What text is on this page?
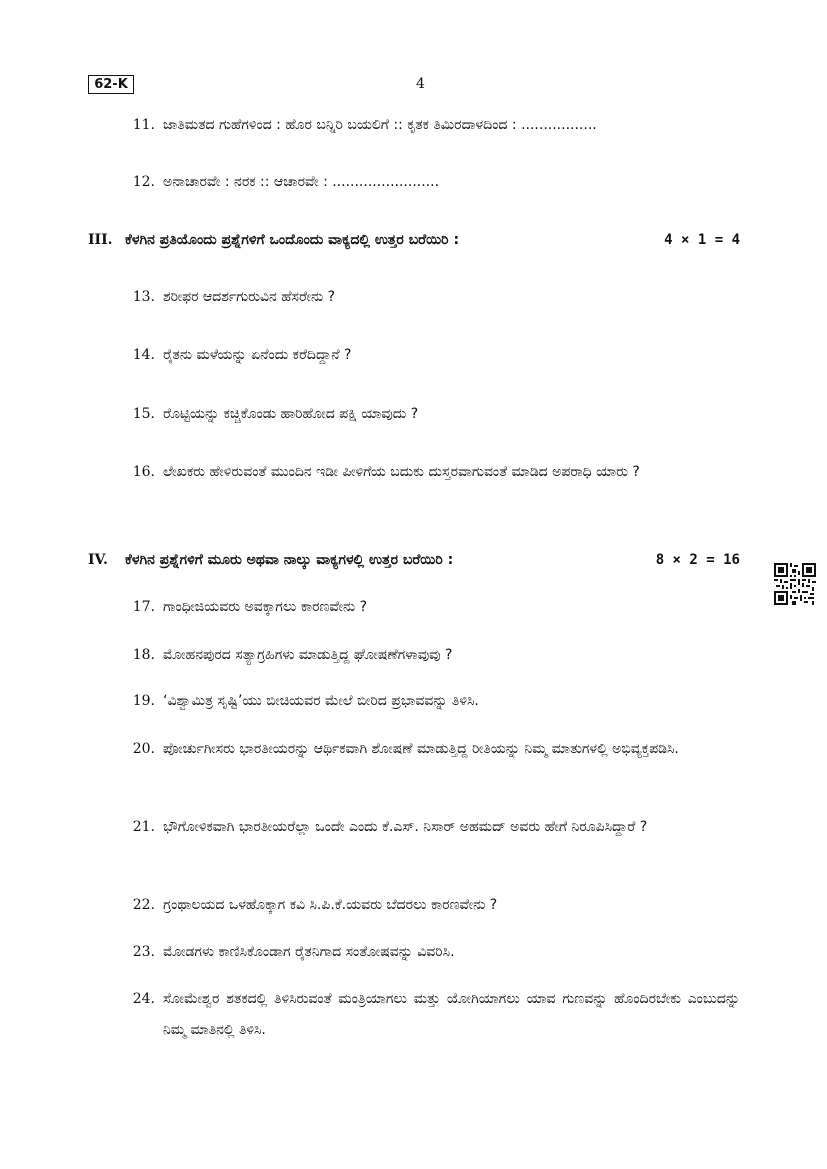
62-K	4
11. ಜಾತಿಮತದ ಗುಹೆಗಳಿಂದ : ಹೊರ ಬನ್ನಿರಿ ಬಯಲಿಗೆ :: ಕೃತಕ ತಿಮಿರದಾಳದಿಂದ : .................
12. ಅನಾಚಾರವೇ : ನರಕ :: ಆಚಾರವೇ : ........................
III. ಕೆಳಗಿನ ಪ್ರತಿಯೊಂದು ಪ್ರಶ್ನೆಗಳಿಗೆ ಒಂದೊಂದು ವಾಕ್ಯದಲ್ಲಿ ಉತ್ತರ ಬರೆಯಿರಿ :	4 × 1 = 4
13. ಶರೀಫರ ಆದರ್ಶಗುರುವಿನ ಹೆಸರೇನು ?
14. ರೈತನು ಮಳೆಯನ್ನು ಏನೆಂದು ಕರೆದಿದ್ದಾನೆ ?
15. ರೊಟ್ಟಿಯನ್ನು ಕಚ್ಚಿಕೊಂಡು ಹಾರಿಹೋದ ಪಕ್ಷಿ ಯಾವುದು ?
16. ಲೇಖಕರು ಹೇಳಿರುವಂತೆ ಮುಂದಿನ ಇಡೀ ಪೀಳಿಗೆಯ ಬದುಕು ದುಸ್ತರವಾಗುವಂತೆ ಮಾಡಿದ ಅಪರಾಧಿ ಯಾರು ?
IV. ಕೆಳಗಿನ ಪ್ರಶ್ನೆಗಳಿಗೆ ಮೂರು ಅಥವಾ ನಾಲ್ಕು ವಾಕ್ಯಗಳಲ್ಲಿ ಉತ್ತರ ಬರೆಯಿರಿ :	8 × 2 = 16
17. ಗಾಂಧೀಜಿಯವರು ಅವಕ್ಕಾಗಲು ಕಾರಣವೇನು ?
18. ಮೋಹನಪುರದ ಸತ್ಯಾಗ್ರಹಿಗಳು ಮಾಡುತ್ತಿದ್ದ ಘೋಷಣೆಗಳಾವುವು ?
19. ‘ವಿಶ್ವಾಮಿತ್ರ ಸೃಷ್ಟಿ’ಯು ಬೀಚಿಯವರ ಮೇಲೆ ಬೀರಿದ ಪ್ರಭಾವವನ್ನು ತಿಳಿಸಿ.
20. ಪೋರ್ಚುಗೀಸರು ಭಾರತೀಯರನ್ನು ಆರ್ಥಿಕವಾಗಿ ಶೋಷಣೆ ಮಾಡುತ್ತಿದ್ದ ರೀತಿಯನ್ನು ನಿಮ್ಮ ಮಾತುಗಳಲ್ಲಿ ಅಭಿವ್ಯಕ್ತಪಡಿಸಿ.
21. ಭೌಗೋಳಿಕವಾಗಿ ಭಾರತೀಯರೆಲ್ಲಾ ಒಂದೇ ಎಂದು ಕೆ.ಎಸ್. ನಿಸಾರ್ ಅಹಮದ್ ಅವರು ಹೇಗೆ ನಿರೂಪಿಸಿದ್ದಾರೆ ?
22. ಗ್ರಂಥಾಲಯದ ಒಳಹೊಕ್ಕಾಗ ಕವಿ ಸಿ.ಪಿ.ಕೆ.ಯವರು ಬೆದರಲು ಕಾರಣವೇನು ?
23. ಮೋಡಗಳು ಕಾಣಿಸಿಕೊಂಡಾಗ ರೈತನಿಗಾದ ಸಂತೋಷವನ್ನು ವಿವರಿಸಿ.
24. ಸೋಮೇಶ್ವರ ಶತಕದಲ್ಲಿ ತಿಳಿಸಿರುವಂತೆ ಮಂತ್ರಿಯಾಗಲು ಮತ್ತು ಯೋಗಿಯಾಗಲು ಯಾವ ಗುಣವನ್ನು ಹೊಂದಿರಬೇಕು ಎಂಬುದನ್ನು ನಿಮ್ಮ ಮಾತಿನಲ್ಲಿ ತಿಳಿಸಿ.
